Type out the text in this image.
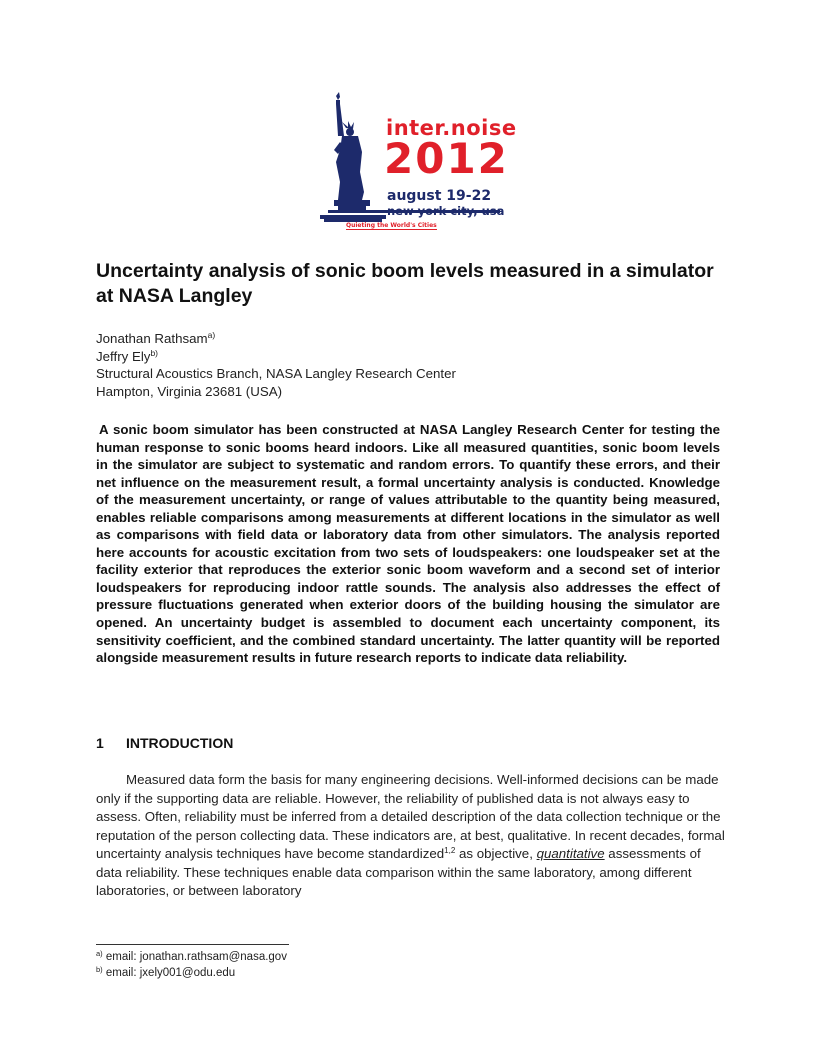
inter.noise
2012
august 19-22
new york city, usa
Quieting the World's Cities
Uncertainty analysis of sonic boom levels measured in a simulator at NASA Langley
Jonathan Rathsam$^{a)}$
Jeffry Ely$^{b)}$
Structural Acoustics Branch, NASA Langley Research Center
Hampton, Virginia 23681 (USA)
A sonic boom simulator has been constructed at NASA Langley Research Center for testing the human response to sonic booms heard indoors. Like all measured quantities, sonic boom levels in the simulator are subject to systematic and random errors. To quantify these errors, and their net influence on the measurement result, a formal uncertainty analysis is conducted. Knowledge of the measurement uncertainty, or range of values attributable to the quantity being measured, enables reliable comparisons among measurements at different locations in the simulator as well as comparisons with field data or laboratory data from other simulators. The analysis reported here accounts for acoustic excitation from two sets of loudspeakers: one loudspeaker set at the facility exterior that reproduces the exterior sonic boom waveform and a second set of interior loudspeakers for reproducing indoor rattle sounds. The analysis also addresses the effect of pressure fluctuations generated when exterior doors of the building housing the simulator are opened. An uncertainty budget is assembled to document each uncertainty component, its sensitivity coefficient, and the combined standard uncertainty. The latter quantity will be reported alongside measurement results in future research reports to indicate data reliability.
1 INTRODUCTION
Measured data form the basis for many engineering decisions. Well-informed decisions can be made only if the supporting data are reliable. However, the reliability of published data is not always easy to assess. Often, reliability must be inferred from a detailed description of the data collection technique or the reputation of the person collecting data. These indicators are, at best, qualitative. In recent decades, formal uncertainty analysis techniques have become standardized$^{1,2}$ as objective, quantitative assessments of data reliability. These techniques enable data comparison within the same laboratory, among different laboratories, or between laboratory
$^{a)}$ email: jonathan.rathsam@nasa.gov
$^{b)}$ email: jxely001@odu.edu
